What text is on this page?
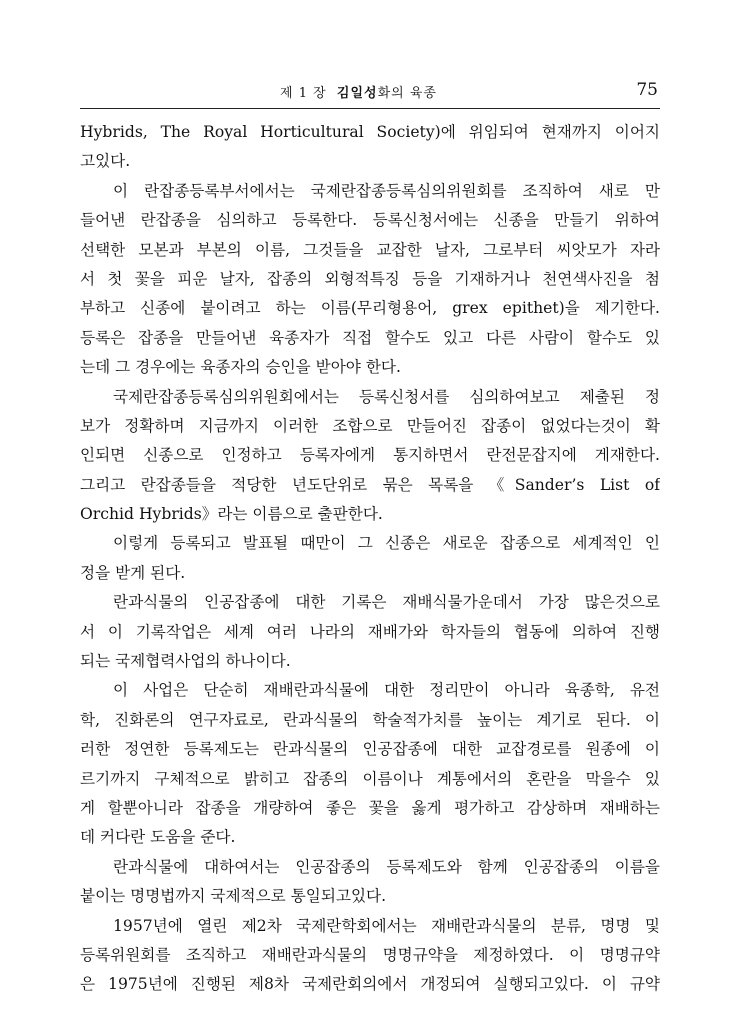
제 1 장 김일성화의 육종	75
Hybrids, The Royal Horticultural Society)에 위임되여 현재까지 이어지
고있다.
이 란잡종등록부서에서는 국제란잡종등록심의위원회를 조직하여 새로 만
들어낸 란잡종을 심의하고 등록한다. 등록신청서에는 신종을 만들기 위하여
선택한 모본과 부본의 이름, 그것들을 교잡한 날자, 그로부터 씨앗모가 자라
서 첫 꽃을 피운 날자, 잡종의 외형적특징 등을 기재하거나 천연색사진을 첨
부하고 신종에 붙이려고 하는 이름(무리형용어, grex epithet)을 제기한다.
등록은 잡종을 만들어낸 육종자가 직접 할수도 있고 다른 사람이 할수도 있
는데 그 경우에는 육종자의 승인을 받아야 한다.
국제란잡종등록심의위원회에서는 등록신청서를 심의하여보고 제출된 정
보가 정확하며 지금까지 이러한 조합으로 만들어진 잡종이 없었다는것이 확
인되면 신종으로 인정하고 등록자에게 통지하면서 란전문잡지에 게재한다.
그리고 란잡종들을 적당한 년도단위로 묶은 목록을 《Sander’s List of
Orchid Hybrids》라는 이름으로 출판한다.
이렇게 등록되고 발표될 때만이 그 신종은 새로운 잡종으로 세계적인 인
정을 받게 된다.
란과식물의 인공잡종에 대한 기록은 재배식물가운데서 가장 많은것으로
서 이 기록작업은 세계 여러 나라의 재배가와 학자들의 협동에 의하여 진행
되는 국제협력사업의 하나이다.
이 사업은 단순히 재배란과식물에 대한 정리만이 아니라 육종학, 유전
학, 진화론의 연구자료로, 란과식물의 학술적가치를 높이는 계기로 된다. 이
러한 정연한 등록제도는 란과식물의 인공잡종에 대한 교잡경로를 원종에 이
르기까지 구체적으로 밝히고 잡종의 이름이나 계통에서의 혼란을 막을수 있
게 할뿐아니라 잡종을 개량하여 좋은 꽃을 옳게 평가하고 감상하며 재배하는
데 커다란 도움을 준다.
란과식물에 대하여서는 인공잡종의 등록제도와 함께 인공잡종의 이름을
붙이는 명명법까지 국제적으로 통일되고있다.
1957년에 열린 제2차 국제란학회에서는 재배란과식물의 분류, 명명 및
등록위원회를 조직하고 재배란과식물의 명명규약을 제정하였다. 이 명명규약
은 1975년에 진행된 제8차 국제란회의에서 개정되여 실행되고있다. 이 규약
